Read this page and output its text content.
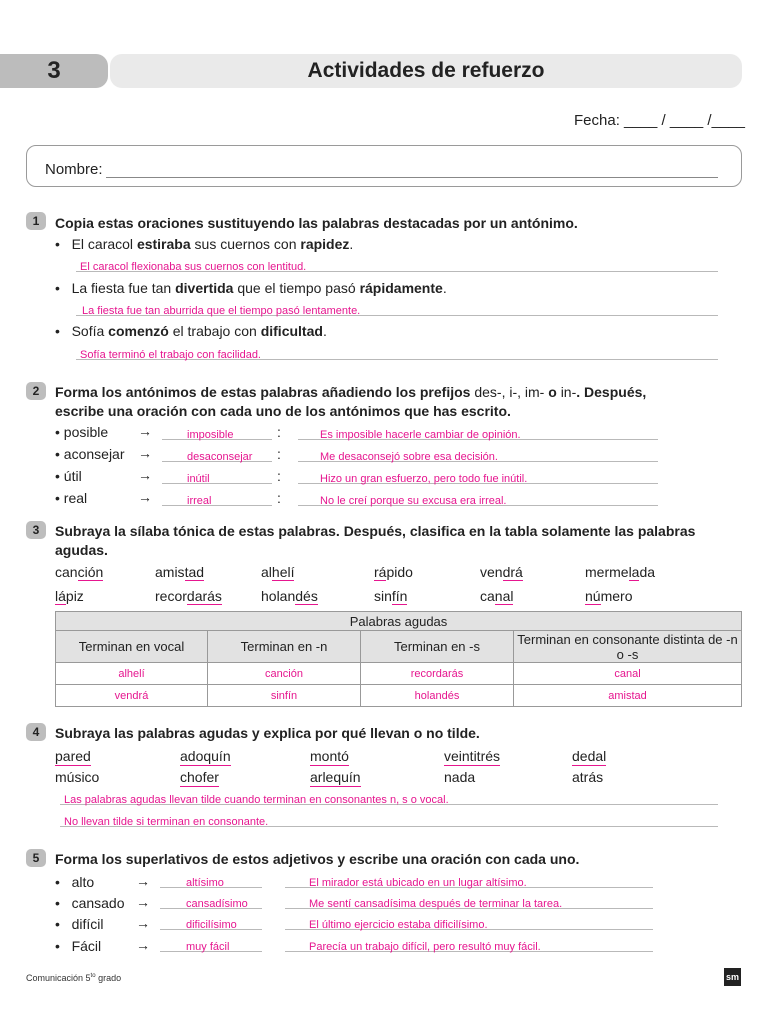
3	Actividades de refuerzo
Fecha: ____ / ____ /____
Nombre:
1	Copia estas oraciones sustituyendo las palabras destacadas por un antónimo.
•   El caracol estiraba sus cuernos con rapidez.
El caracol flexionaba sus cuernos con lentitud.
•   La fiesta fue tan divertida que el tiempo pasó rápidamente.
La fiesta fue tan aburrida que el tiempo pasó lentamente.
•   Sofía comenzó el trabajo con dificultad.
Sofía terminó el trabajo con facilidad.
2	Forma los antónimos de estas palabras añadiendo los prefijos des-, i-, im- o in-. Después,
escribe una oración con cada uno de los antónimos que has escrito.
3	Subraya la sílaba tónica de estas palabras. Después, clasifica en la tabla solamente las palabras
agudas.
Palabras agudas			
Terminan en vocal	Terminan en -n	Terminan en -s	Terminan en consonante distinta de -n o -s
alhelí	canción	recordarás	canal
vendrá	sinfín	holandés	amistad
4	Subraya las palabras agudas y explica por qué llevan o no tilde.
Las palabras agudas llevan tilde cuando terminan en consonantes n, s o vocal.
No llevan tilde si terminan en consonante.
5	Forma los superlativos de estos adjetivos y escribe una oración con cada uno.
Comunicación $5^{to}$ grado	sm
• posible →	imposible	:	Es imposible hacerle cambiar de opinión.
• aconsejar →	desaconsejar	:	Me desaconsejó sobre esa decisión.
• útil	→	inútil	:	Hizo un gran esfuerzo, pero todo fue inútil.
• real	→	irreal	:	No le creí porque su excusa era irreal.
canción	amistad	alhelí	rápido	vendrá	mermelada
lápiz	recordarás	holandés	sinfín	canal	número
pared	adoquín	montó	veintitrés	dedal
músico	chofer	arlequín	nada	atrás
•   alto	→	altísimo	El mirador está ubicado en un lugar altísimo.
•   cansado →	cansadísimo	Me sentí cansadísima después de terminar la tarea.
•   difícil →	dificilísimo	El último ejercicio estaba dificilísimo.
•   Fácil →	muy fácil	Parecía un trabajo difícil, pero resultó muy fácil.
